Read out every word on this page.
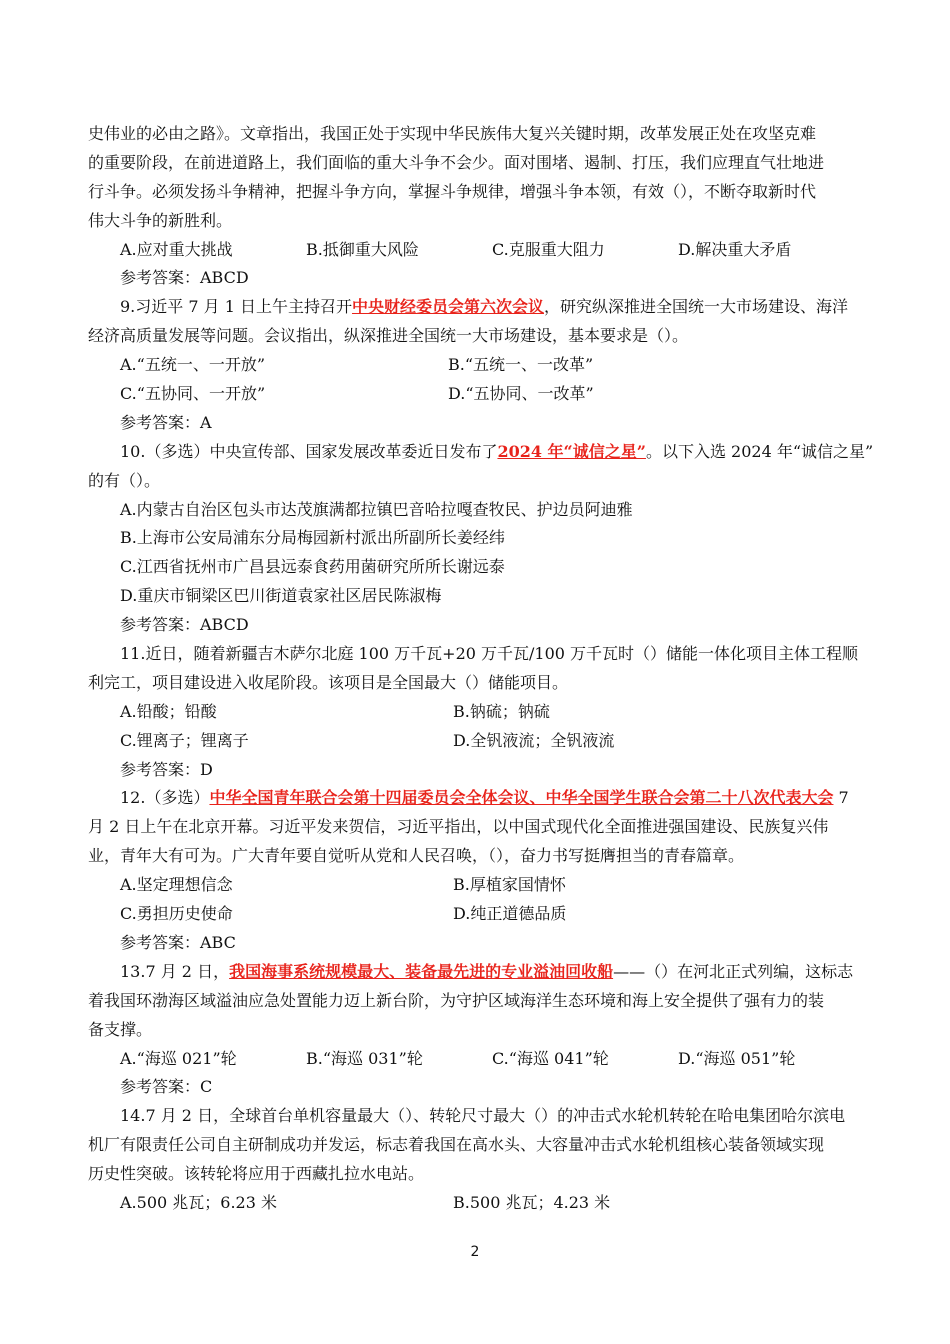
史伟业的必由之路》。文章指出，我国正处于实现中华民族伟大复兴关键时期，改革发展正处在攻坚克难
的重要阶段，在前进道路上，我们面临的重大斗争不会少。面对围堵、遏制、打压，我们应理直气壮地进
行斗争。必须发扬斗争精神，把握斗争方向，掌握斗争规律，增强斗争本领，有效（），不断夺取新时代
伟大斗争的新胜利。
A.应对重大挑战	B.抵御重大风险	C.克服重大阻力	D.解决重大矛盾
参考答案：ABCD
9.习近平 7 月 1 日上午主持召开中央财经委员会第六次会议，研究纵深推进全国统一大市场建设、海洋
经济高质量发展等问题。会议指出，纵深推进全国统一大市场建设，基本要求是（）。
A.“五统一、一开放”	B.“五统一、一改革”
C.“五协同、一开放”	D.“五协同、一改革”
参考答案：A
10.（多选）中央宣传部、国家发展改革委近日发布了2024 年“诚信之星”。以下入选 2024 年“诚信之星”
的有（）。
A.内蒙古自治区包头市达茂旗满都拉镇巴音哈拉嘎查牧民、护边员阿迪雅
B.上海市公安局浦东分局梅园新村派出所副所长姜经纬
C.江西省抚州市广昌县远泰食药用菌研究所所长谢远泰
D.重庆市铜梁区巴川街道袁家社区居民陈淑梅
参考答案：ABCD
11.近日，随着新疆吉木萨尔北庭 100 万千瓦+20 万千瓦/100 万千瓦时（）储能一体化项目主体工程顺
利完工，项目建设进入收尾阶段。该项目是全国最大（）储能项目。
A.铅酸；铅酸	B.钠硫；钠硫
C.锂离子；锂离子	D.全钒液流；全钒液流
参考答案：D
12.（多选）中华全国青年联合会第十四届委员会全体会议、中华全国学生联合会第二十八次代表大会 7
月 2 日上午在北京开幕。习近平发来贺信，习近平指出，以中国式现代化全面推进强国建设、民族复兴伟
业，青年大有可为。广大青年要自觉听从党和人民召唤，（），奋力书写挺膺担当的青春篇章。
A.坚定理想信念	B.厚植家国情怀
C.勇担历史使命	D.纯正道德品质
参考答案：ABC
13.7 月 2 日，我国海事系统规模最大、装备最先进的专业溢油回收船——（）在河北正式列编，这标志
着我国环渤海区域溢油应急处置能力迈上新台阶，为守护区域海洋生态环境和海上安全提供了强有力的装
备支撑。
A.“海巡 021”轮	B.“海巡 031”轮	C.“海巡 041”轮	D.“海巡 051”轮
参考答案：C
14.7 月 2 日，全球首台单机容量最大（）、转轮尺寸最大（）的冲击式水轮机转轮在哈电集团哈尔滨电
机厂有限责任公司自主研制成功并发运，标志着我国在高水头、大容量冲击式水轮机组核心装备领域实现
历史性突破。该转轮将应用于西藏扎拉水电站。
A.500 兆瓦；6.23 米	B.500 兆瓦；4.23 米
2
